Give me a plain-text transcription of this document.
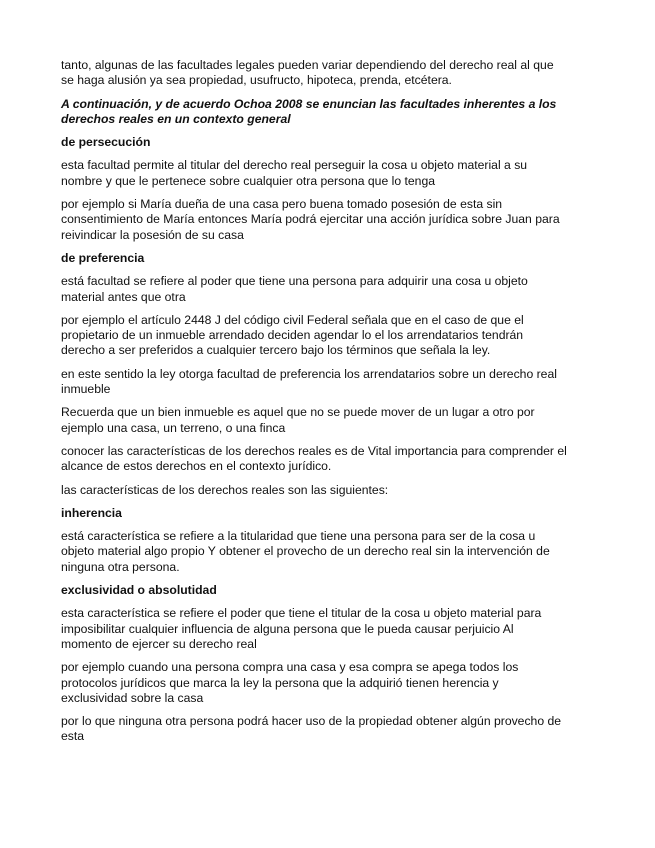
tanto, algunas de las facultades legales pueden variar dependiendo del derecho real al que
se haga alusión ya sea propiedad, usufructo, hipoteca, prenda, etcétera.

A continuación, y de acuerdo Ochoa 2008 se enuncian las facultades inherentes a los
derechos reales en un contexto general

de persecución

esta facultad permite al titular del derecho real perseguir la cosa u objeto material a su
nombre y que le pertenece sobre cualquier otra persona que lo tenga

por ejemplo si María dueña de una casa pero buena tomado posesión de esta sin
consentimiento de María entonces María podrá ejercitar una acción jurídica sobre Juan para
reivindicar la posesión de su casa

de preferencia

está facultad se refiere al poder que tiene una persona para adquirir una cosa u objeto
material antes que otra

por ejemplo el artículo 2448 J del código civil Federal señala que en el caso de que el
propietario de un inmueble arrendado deciden agendar lo el los arrendatarios tendrán
derecho a ser preferidos a cualquier tercero bajo los términos que señala la ley.

en este sentido la ley otorga facultad de preferencia los arrendatarios sobre un derecho real
inmueble

Recuerda que un bien inmueble es aquel que no se puede mover de un lugar a otro por
ejemplo una casa, un terreno, o una finca

conocer las características de los derechos reales es de Vital importancia para comprender el
alcance de estos derechos en el contexto jurídico.

las características de los derechos reales son las siguientes:

inherencia

está característica se refiere a la titularidad que tiene una persona para ser de la cosa u
objeto material algo propio Y obtener el provecho de un derecho real sin la intervención de
ninguna otra persona.

exclusividad o absolutidad

esta característica se refiere el poder que tiene el titular de la cosa u objeto material para
imposibilitar cualquier influencia de alguna persona que le pueda causar perjuicio Al
momento de ejercer su derecho real

por ejemplo cuando una persona compra una casa y esa compra se apega todos los
protocolos jurídicos que marca la ley la persona que la adquirió tienen herencia y
exclusividad sobre la casa

por lo que ninguna otra persona podrá hacer uso de la propiedad obtener algún provecho de
esta
